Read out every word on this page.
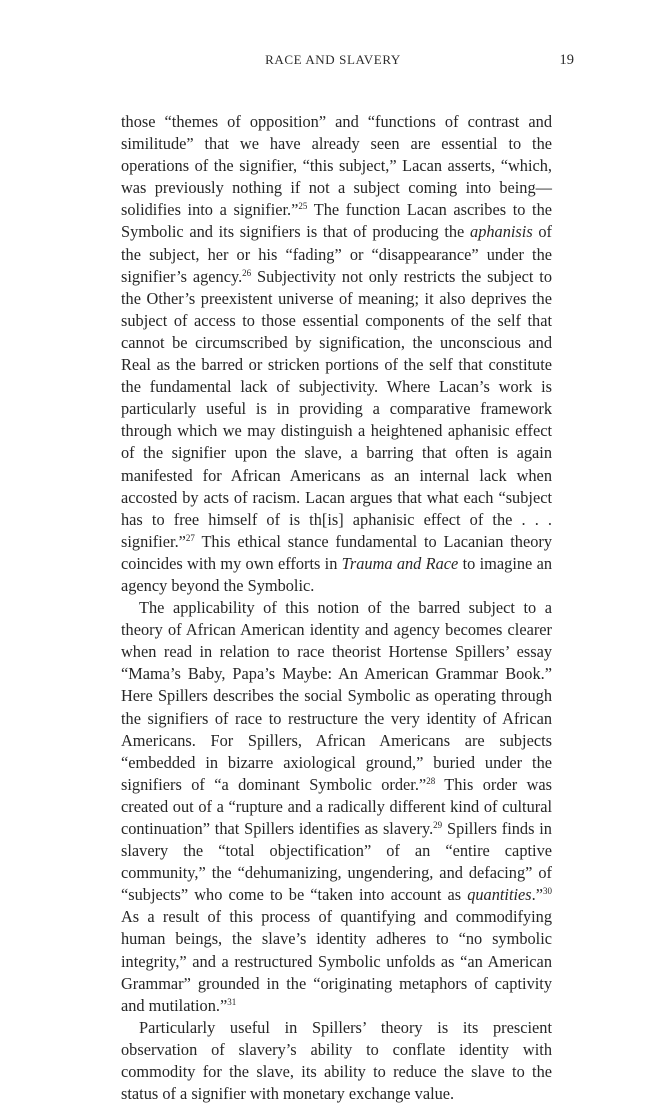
RACE AND SLAVERY	19

those “themes of opposition” and “functions of contrast and similitude” that we have already seen are essential to the operations of the signifier, “this subject,” Lacan asserts, “which, was previously nothing if not a subject coming into being—solidifies into a signifier.”$^{25}$ The function Lacan ascribes to the Symbolic and its signifiers is that of producing the aphanisis of the subject, her or his “fading” or “disappearance” under the signifier’s agency.$^{26}$ Subjectivity not only restricts the subject to the Other’s preexistent universe of meaning; it also deprives the subject of access to those essential components of the self that cannot be circumscribed by signification, the unconscious and Real as the barred or stricken portions of the self that constitute the fundamental lack of subjectivity. Where Lacan’s work is particularly useful is in providing a comparative framework through which we may distinguish a heightened aphanisic effect of the signifier upon the slave, a barring that often is again manifested for African Americans as an internal lack when accosted by acts of racism. Lacan argues that what each “subject has to free himself of is th[is] aphanisic effect of the . . . signifier.”$^{27}$ This ethical stance fundamental to Lacanian theory coincides with my own efforts in Trauma and Race to imagine an agency beyond the Symbolic.

The applicability of this notion of the barred subject to a theory of African American identity and agency becomes clearer when read in relation to race theorist Hortense Spillers’ essay “Mama’s Baby, Papa’s Maybe: An American Grammar Book.” Here Spillers describes the social Symbolic as operating through the signifiers of race to restructure the very identity of African Americans. For Spillers, African Americans are subjects “embedded in bizarre axiological ground,” buried under the signifiers of “a dominant Symbolic order.”$^{28}$ This order was created out of a “rupture and a radically different kind of cultural continuation” that Spillers identifies as slavery.$^{29}$ Spillers finds in slavery the “total objectification” of an “entire captive community,” the “dehumanizing, ungendering, and defacing” of “subjects” who come to be “taken into account as quantities.”$^{30}$ As a result of this process of quantifying and commodifying human beings, the slave’s identity adheres to “no symbolic integrity,” and a restructured Symbolic unfolds as “an American Grammar” grounded in the “originating metaphors of captivity and mutilation.”$^{31}$

Particularly useful in Spillers’ theory is its prescient observation of slavery’s ability to conflate identity with commodity for the slave, its ability to reduce the slave to the status of a signifier with monetary exchange value.
